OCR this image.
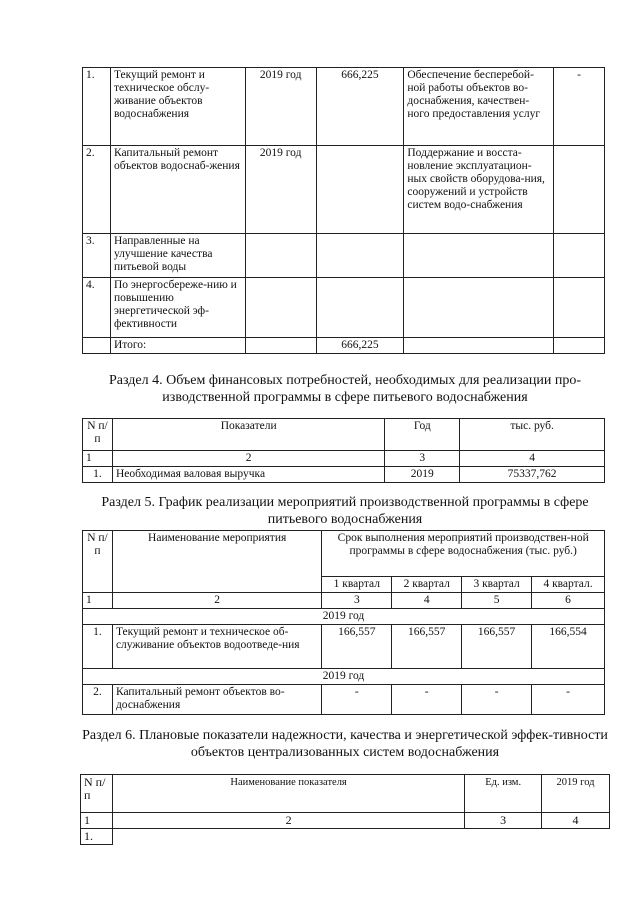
1.	Текущий ремонт и техническое обслу-живание объектов водоснабжения	2019 год	666,225	Обеспечение бесперебой-ной работы объектов во-доснабжения, качествен-ного предоставления услуг	-
2.	Капитальный ремонт объектов водоснаб-жения	2019 год		Поддержание и восста-новление эксплуатацион-ных свойств оборудова-ния, сооружений и устройств систем водо-снабжения	
3.	Направленные на улучшение качества питьевой воды				
4.	По энергосбереже-нию и повышению энергетической эф-фективности				
	Итого:		666,225		
Раздел 4. Объем финансовых потребностей, необходимых для реализации про-изводственной программы в сфере питьевого водоснабжения
N п/п	Показатели	Год	тыс. руб.
1	2	3	4
1.	Необходимая валовая выручка	2019	75337,762
Раздел 5. График реализации мероприятий производственной программы в сфере питьевого водоснабжения
N п/п	Наименование мероприятия	Срок выполнения мероприятий производствен-ной программы в сфере водоснабжения (тыс. руб.)			
		1 квартал	2 квартал	3 квартал	4 квартал.
1	2	3	4	5	6
2019 год					
1.	Текущий ремонт и техническое об-служивание объектов водоотведе-ния	166,557	166,557	166,557	166,554
2019 год					
2.	Капитальный ремонт объектов во-доснабжения	-	-	-	-
Раздел 6. Плановые показатели надежности, качества и энергетической эффек-тивности объектов централизованных систем водоснабжения
N п/п	Наименование показателя	Ед. изм.	2019 год
1	2	3	4
1.			
